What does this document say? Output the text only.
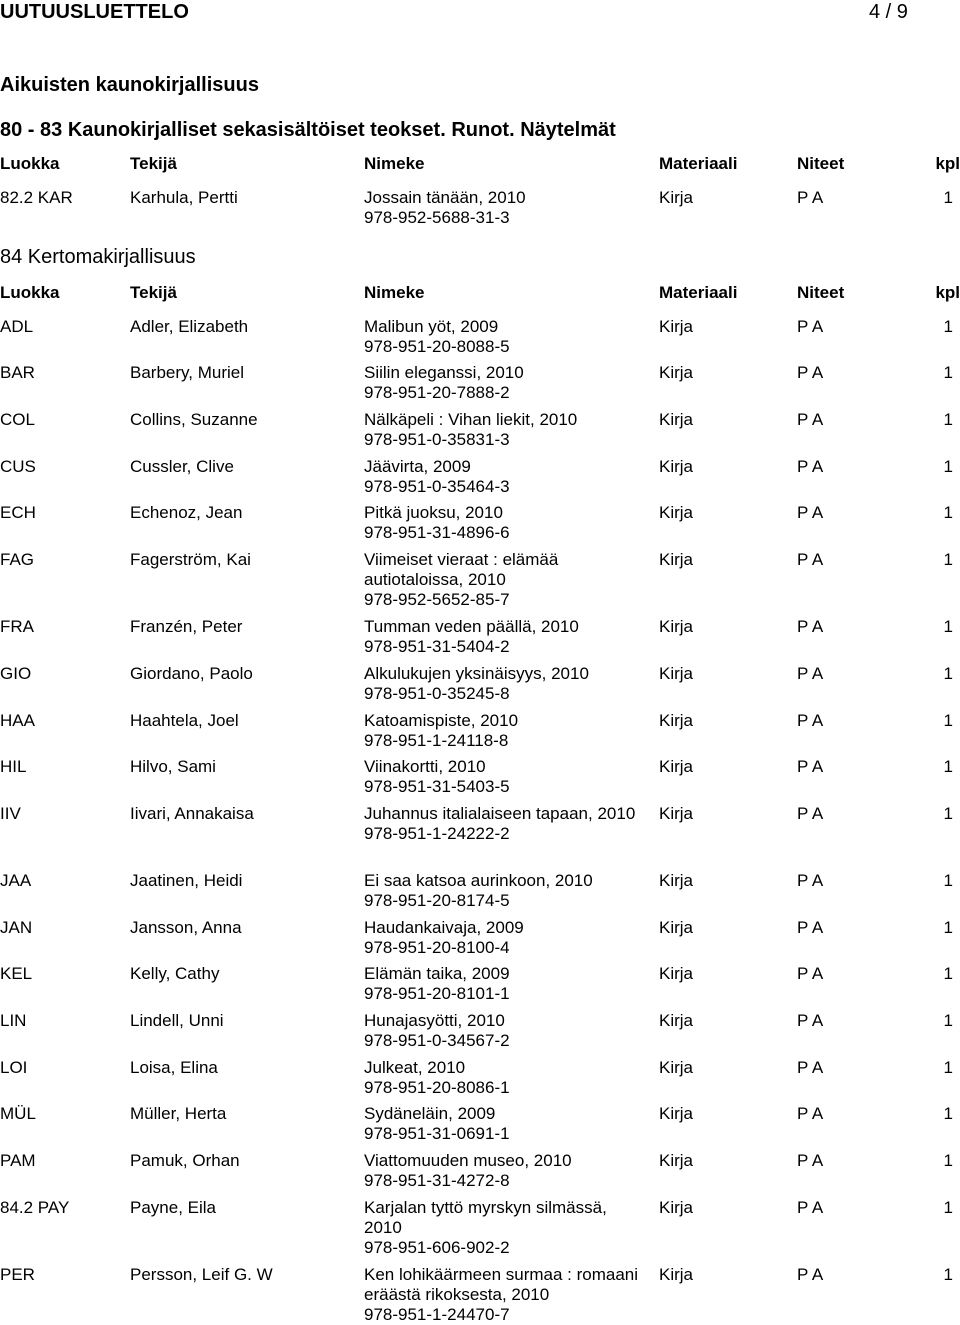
UUTUUSLUETTELO	4 / 9
Aikuisten kaunokirjallisuus
80 - 83 Kaunokirjalliset sekasisältöiset teokset. Runot. Näytelmät
Luokka	Tekijä	Nimeke	Materiaali	Niteet	kpl
82.2 KAR	Karhula, Pertti	Jossain tänään, 2010
978-952-5688-31-3
Kirja	P A	1
84 Kertomakirjallisuus
Luokka	Tekijä	Nimeke	Materiaali	Niteet	kpl
ADL	Adler, Elizabeth	Malibun yöt, 2009
978-951-20-8088-5
Kirja	P A	1
BAR	Barbery, Muriel	Siilin eleganssi, 2010
978-951-20-7888-2
Kirja	P A	1
COL	Collins, Suzanne	Nälkäpeli : Vihan liekit, 2010
978-951-0-35831-3
Kirja	P A	1
CUS	Cussler, Clive	Jäävirta, 2009
978-951-0-35464-3
Kirja	P A	1
ECH	Echenoz, Jean	Pitkä juoksu, 2010
978-951-31-4896-6
Kirja	P A	1
FAG	Fagerström, Kai	Viimeiset vieraat : elämää autiotaloissa, 2010
978-952-5652-85-7
Kirja	P A	1
FRA	Franzén, Peter	Tumman veden päällä, 2010
978-951-31-5404-2
Kirja	P A	1
GIO	Giordano, Paolo	Alkulukujen yksinäisyys, 2010
978-951-0-35245-8
Kirja	P A	1
HAA	Haahtela, Joel	Katoamispiste, 2010
978-951-1-24118-8
Kirja	P A	1
HIL	Hilvo, Sami	Viinakortti, 2010
978-951-31-5403-5
Kirja	P A	1
IIV	Iivari, Annakaisa	Juhannus italialaiseen tapaan, 2010
978-951-1-24222-2
Kirja	P A	1
JAA	Jaatinen, Heidi	Ei saa katsoa aurinkoon, 2010
978-951-20-8174-5
Kirja	P A	1
JAN	Jansson, Anna	Haudankaivaja, 2009
978-951-20-8100-4
Kirja	P A	1
KEL	Kelly, Cathy	Elämän taika, 2009
978-951-20-8101-1
Kirja	P A	1
LIN	Lindell, Unni	Hunajasyötti, 2010
978-951-0-34567-2
Kirja	P A	1
LOI	Loisa, Elina	Julkeat, 2010
978-951-20-8086-1
Kirja	P A	1
MÜL	Müller, Herta	Sydäneläin, 2009
978-951-31-0691-1
Kirja	P A	1
PAM	Pamuk, Orhan	Viattomuuden museo, 2010
978-951-31-4272-8
Kirja	P A	1
84.2 PAY	Payne, Eila	Karjalan tyttö myrskyn silmässä, 2010
978-951-606-902-2
Kirja	P A	1
PER	Persson, Leif G. W	Ken lohikäärmeen surmaa : romaani eräästä rikoksesta, 2010
978-951-1-24470-7
Kirja	P A	1
